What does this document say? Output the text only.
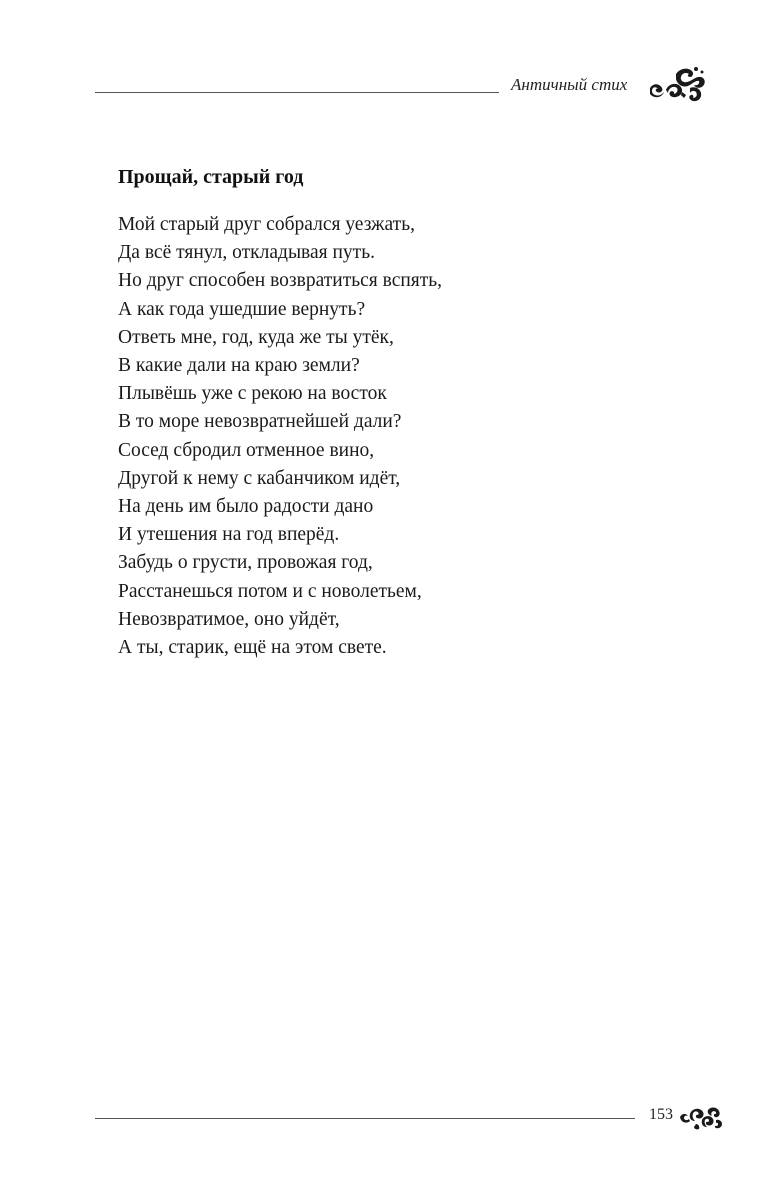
Античный стих
Прощай, старый год
Мой старый друг собрался уезжать,
Да всё тянул, откладывая путь.
Но друг способен возвратиться вспять,
А как года ушедшие вернуть?
Ответь мне, год, куда же ты утёк,
В какие дали на краю земли?
Плывёшь уже с рекою на восток
В то море невозвратнейшей дали?
Сосед сбродил отменное вино,
Другой к нему с кабанчиком идёт,
На день им было радости дано
И утешения на год вперёд.
Забудь о грусти, провожая год,
Расстанешься потом и с новолетьем,
Невозвратимое, оно уйдёт,
А ты, старик, ещё на этом свете.
153
